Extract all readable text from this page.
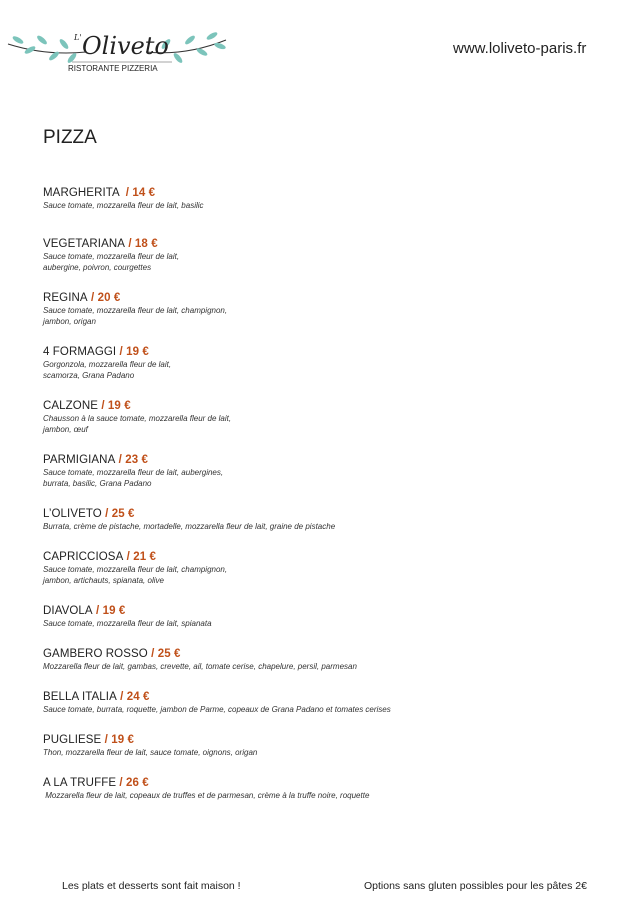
Oliveto
L'
RISTORANTE PIZZERIA
www.loliveto-paris.fr
PIZZA
MARGHERITA  / 14 €
Sauce tomate, mozzarella fleur de lait, basilic
VEGETARIANA / 18 €
Sauce tomate, mozzarella fleur de lait,
aubergine, poivron, courgettes
REGINA / 20 €
Sauce tomate, mozzarella fleur de lait, champignon,
jambon, origan
4 FORMAGGI / 19 €
Gorgonzola, mozzarella fleur de lait,
scamorza, Grana Padano
CALZONE / 19 €
Chausson à la sauce tomate, mozzarella fleur de lait,
jambon, œuf
PARMIGIANA / 23 €
Sauce tomate, mozzarella fleur de lait, aubergines,
burrata, basilic, Grana Padano
L’OLIVETO / 25 €
Burrata, crème de pistache, mortadelle, mozzarella fleur de lait, graine de pistache
CAPRICCIOSA / 21 €
Sauce tomate, mozzarella fleur de lait, champignon,
jambon, artichauts, spianata, olive
DIAVOLA / 19 €
Sauce tomate, mozzarella fleur de lait, spianata
GAMBERO ROSSO / 25 €
Mozzarella fleur de lait, gambas, crevette, ail, tomate cerise, chapelure, persil, parmesan
BELLA ITALIA / 24 €
Sauce tomate, burrata, roquette, jambon de Parme, copeaux de Grana Padano et tomates cerises
PUGLIESE / 19 €
Thon, mozzarella fleur de lait, sauce tomate, oignons, origan
A LA TRUFFE / 26 €
Mozzarella fleur de lait, copeaux de truffes et de parmesan, crème à la truffe noire, roquette
Les plats et desserts sont fait maison !	Options sans gluten possibles pour les pâtes 2€
